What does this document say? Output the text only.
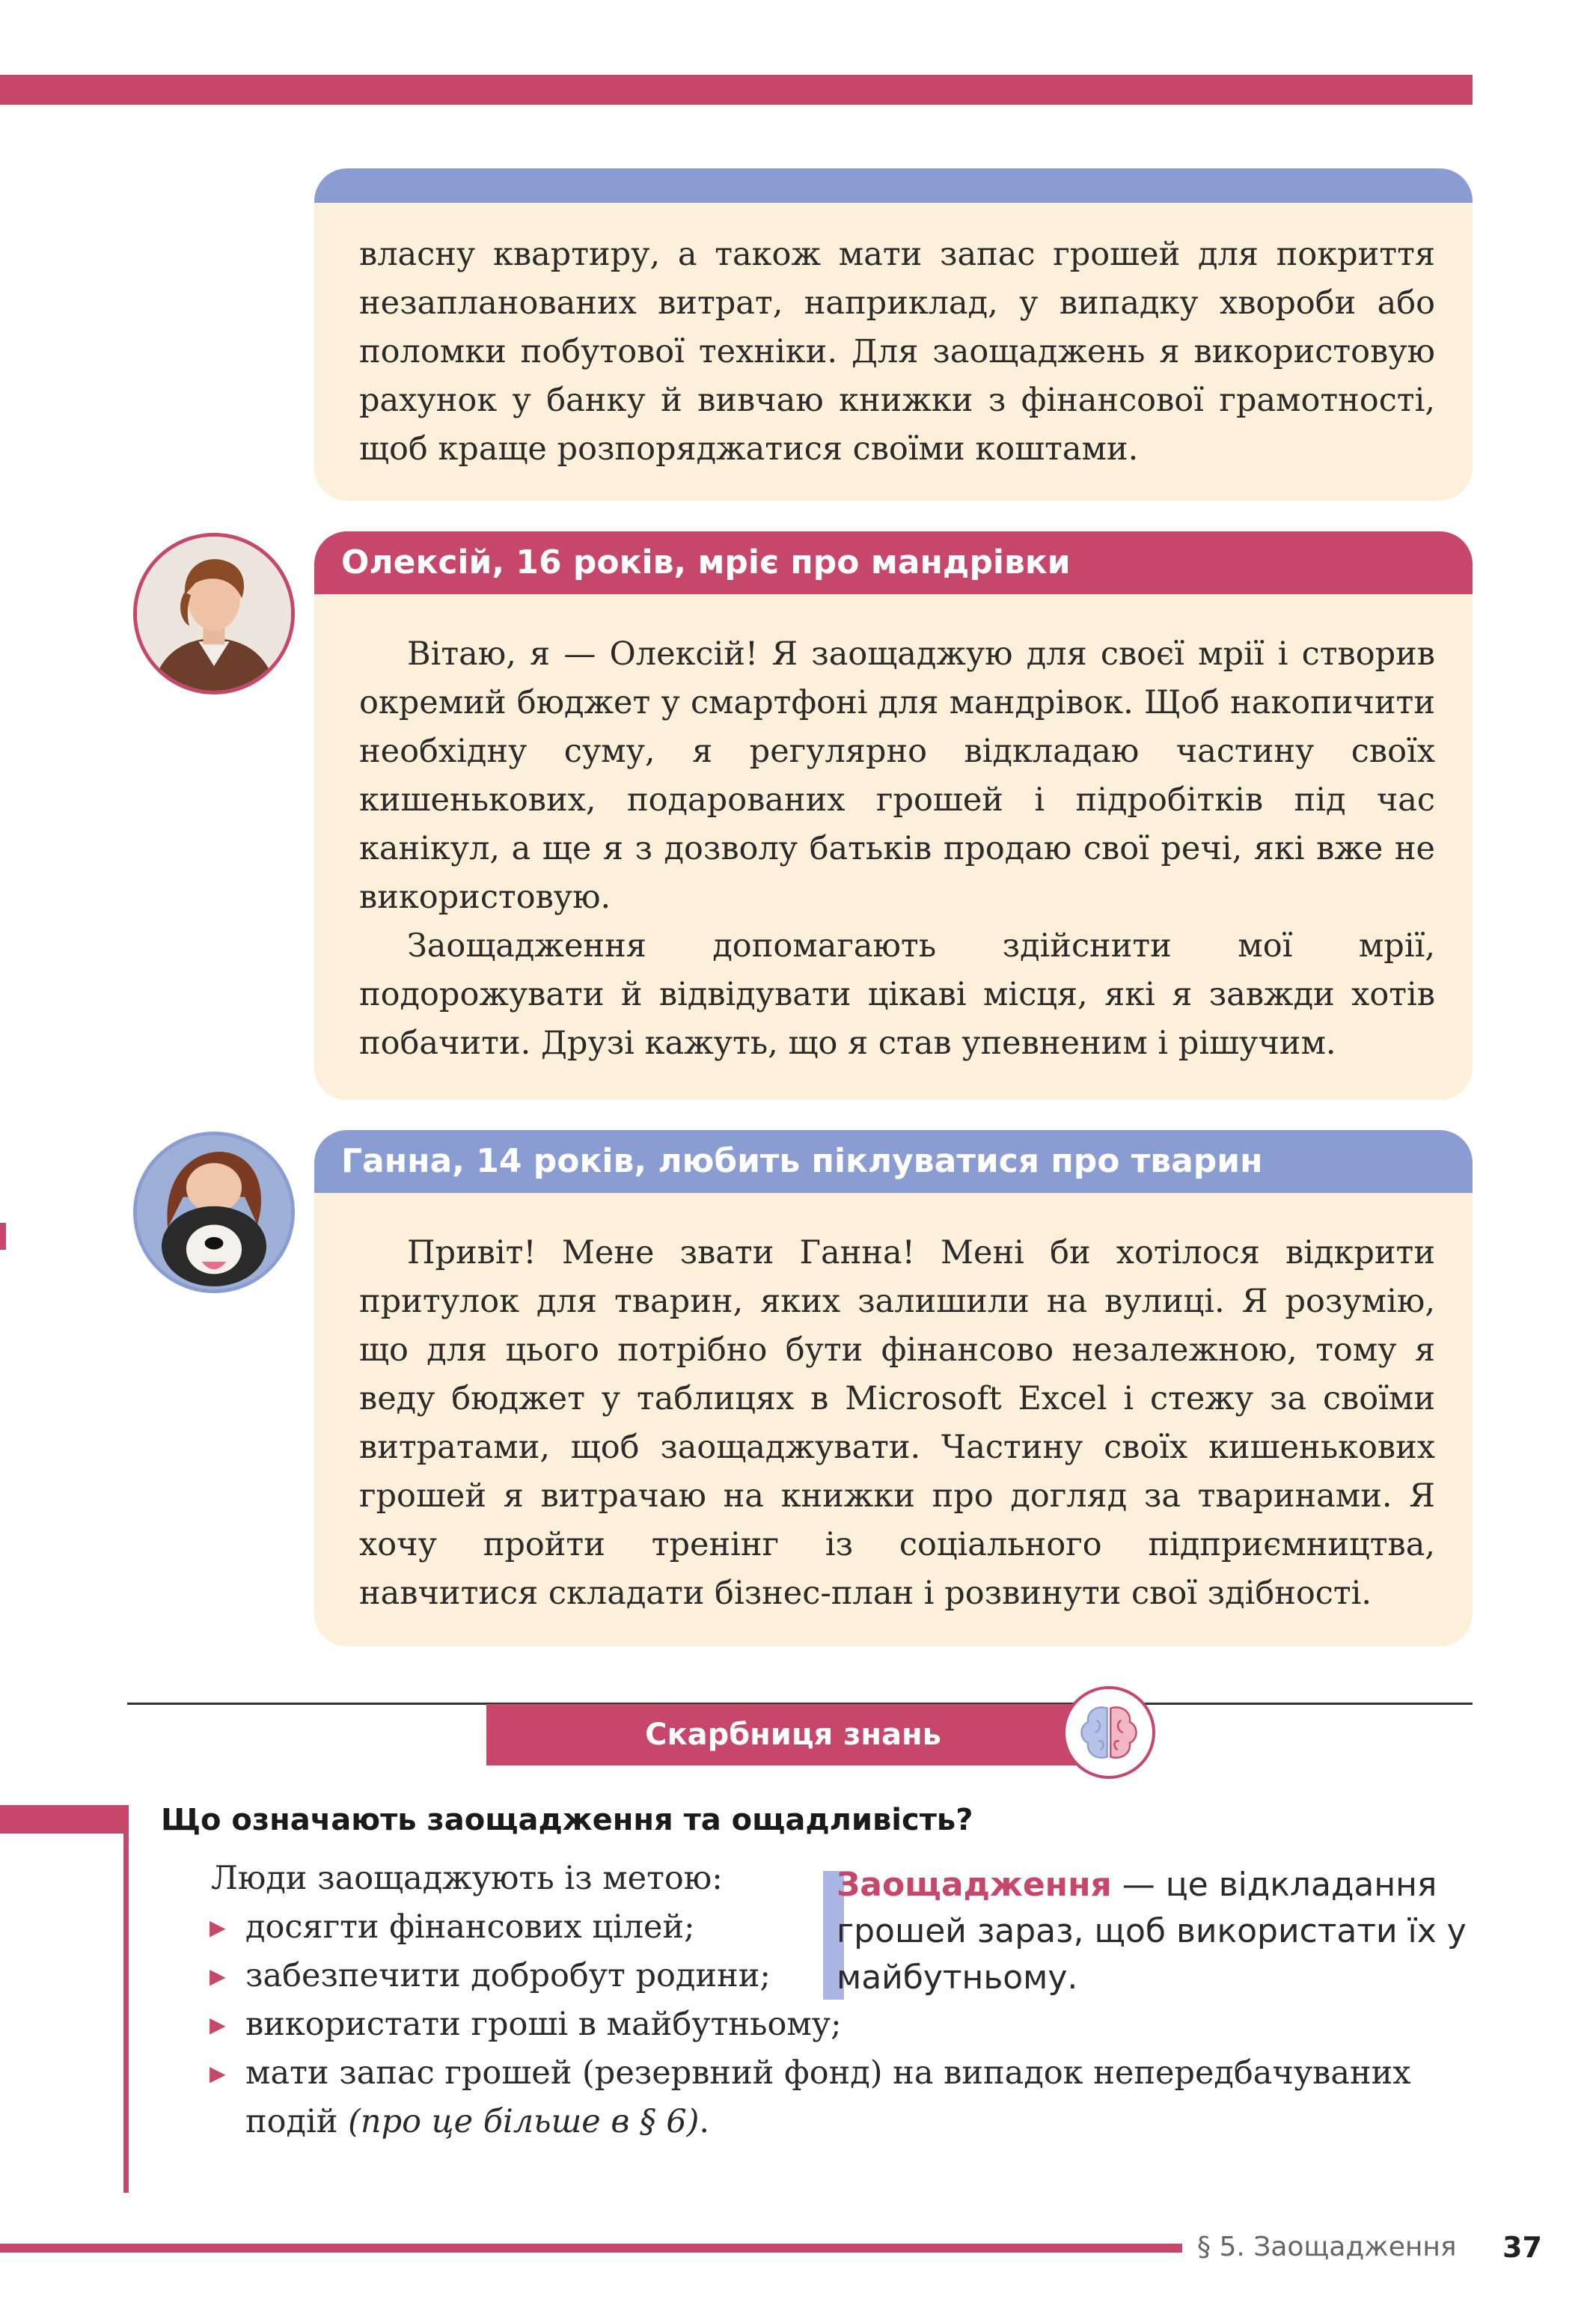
власну квартиру, а також мати запас грошей для покриття незапланованих витрат, наприклад, у випадку хвороби або поломки побутової техніки. Для заощаджень я використовую рахунок у банку й вивчаю книжки з фінансової грамотності, щоб краще розпоряджатися своїми коштами.

Олексій, 16 років, мріє про мандрівки

Вітаю, я — Олексій! Я заощаджую для своєї мрії і створив окремий бюджет у смартфоні для мандрівок. Щоб накопичити необхідну суму, я регулярно відкладаю частину своїх кишенькових, подарованих грошей і підробітків під час канікул, а ще я з дозволу батьків продаю свої речі, які вже не використовую.

Заощадження допомагають здійснити мої мрії, подорожувати й відвідувати цікаві місця, які я завжди хотів побачити. Друзі кажуть, що я став упевненим і рішучим.

Ганна, 14 років, любить піклуватися про тварин

Привіт! Мене звати Ганна! Мені би хотілося відкрити притулок для тварин, яких залишили на вулиці. Я розумію, що для цього потрібно бути фінансово незалежною, тому я веду бюджет у таблицях в Microsoft Excel і стежу за своїми витратами, щоб заощаджувати. Частину своїх кишенькових грошей я витрачаю на книжки про догляд за тваринами. Я хочу пройти тренінг із соціального підприємництва, навчитися складати бізнес-план і розвинути свої здібності.

Скарбниця знань
Що означають заощадження та ощадливість?
Люди заощаджують із метою:
▶ досягти фінансових цілей;
▶ забезпечити добробут родини;
▶ використати гроші в майбутньому;
▶ мати запас грошей (резервний фонд) на випадок непередбачуваних подій (про це більше в § 6).
Заощадження — це відкладання грошей зараз, щоб використати їх у майбутньому.
§ 5. Заощадження 37
